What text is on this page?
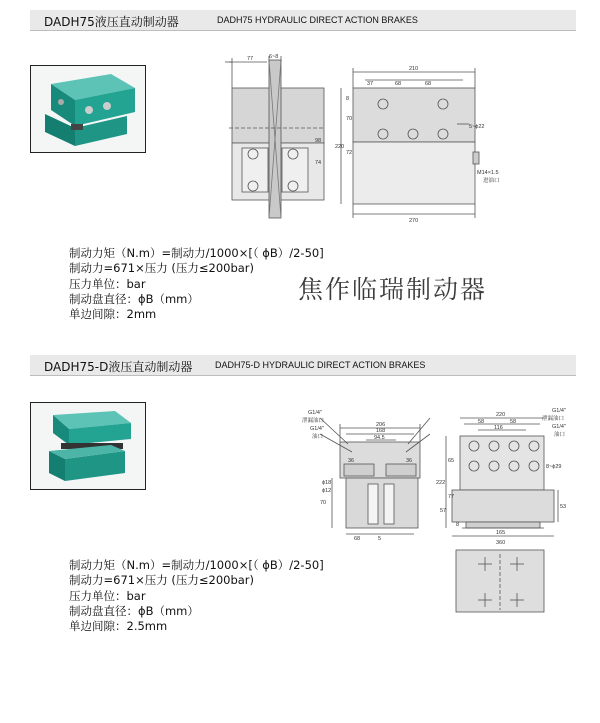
DADH75液压直动制动器	DADH75 HYDRAULIC DIRECT ACTION BRAKES
77	6~8
210
37	68	68
8
70
220
72
74
98
5~ϕ22
M14×1.5
进油口
270
制动力矩（N.m）=制动力/1000×[（ ϕB）/2-50]
制动力=671×压力 (压力≤200bar)
压力单位：bar
制动盘直径：ϕB（mm）
单边间隙：2mm
焦作临瑞制动器
DADH75-D液压直动制动器	DADH75-D HYDRAULIC DIRECT ACTION BRAKES
G1/4"
泄漏油口
G1/4"
油口
206
168
94.5
36	36
ϕ18
ϕ12
70
68	5
G1/4"
泄漏油口
G1/4"
油口
220
58	58
116
8~ϕ29
222
65
57
77
53
8
165
360
制动力矩（N.m）=制动力/1000×[（ ϕB）/2-50]
制动力=671×压力 (压力≤200bar)
压力单位：bar
制动盘直径：ϕB（mm）
单边间隙：2.5mm
